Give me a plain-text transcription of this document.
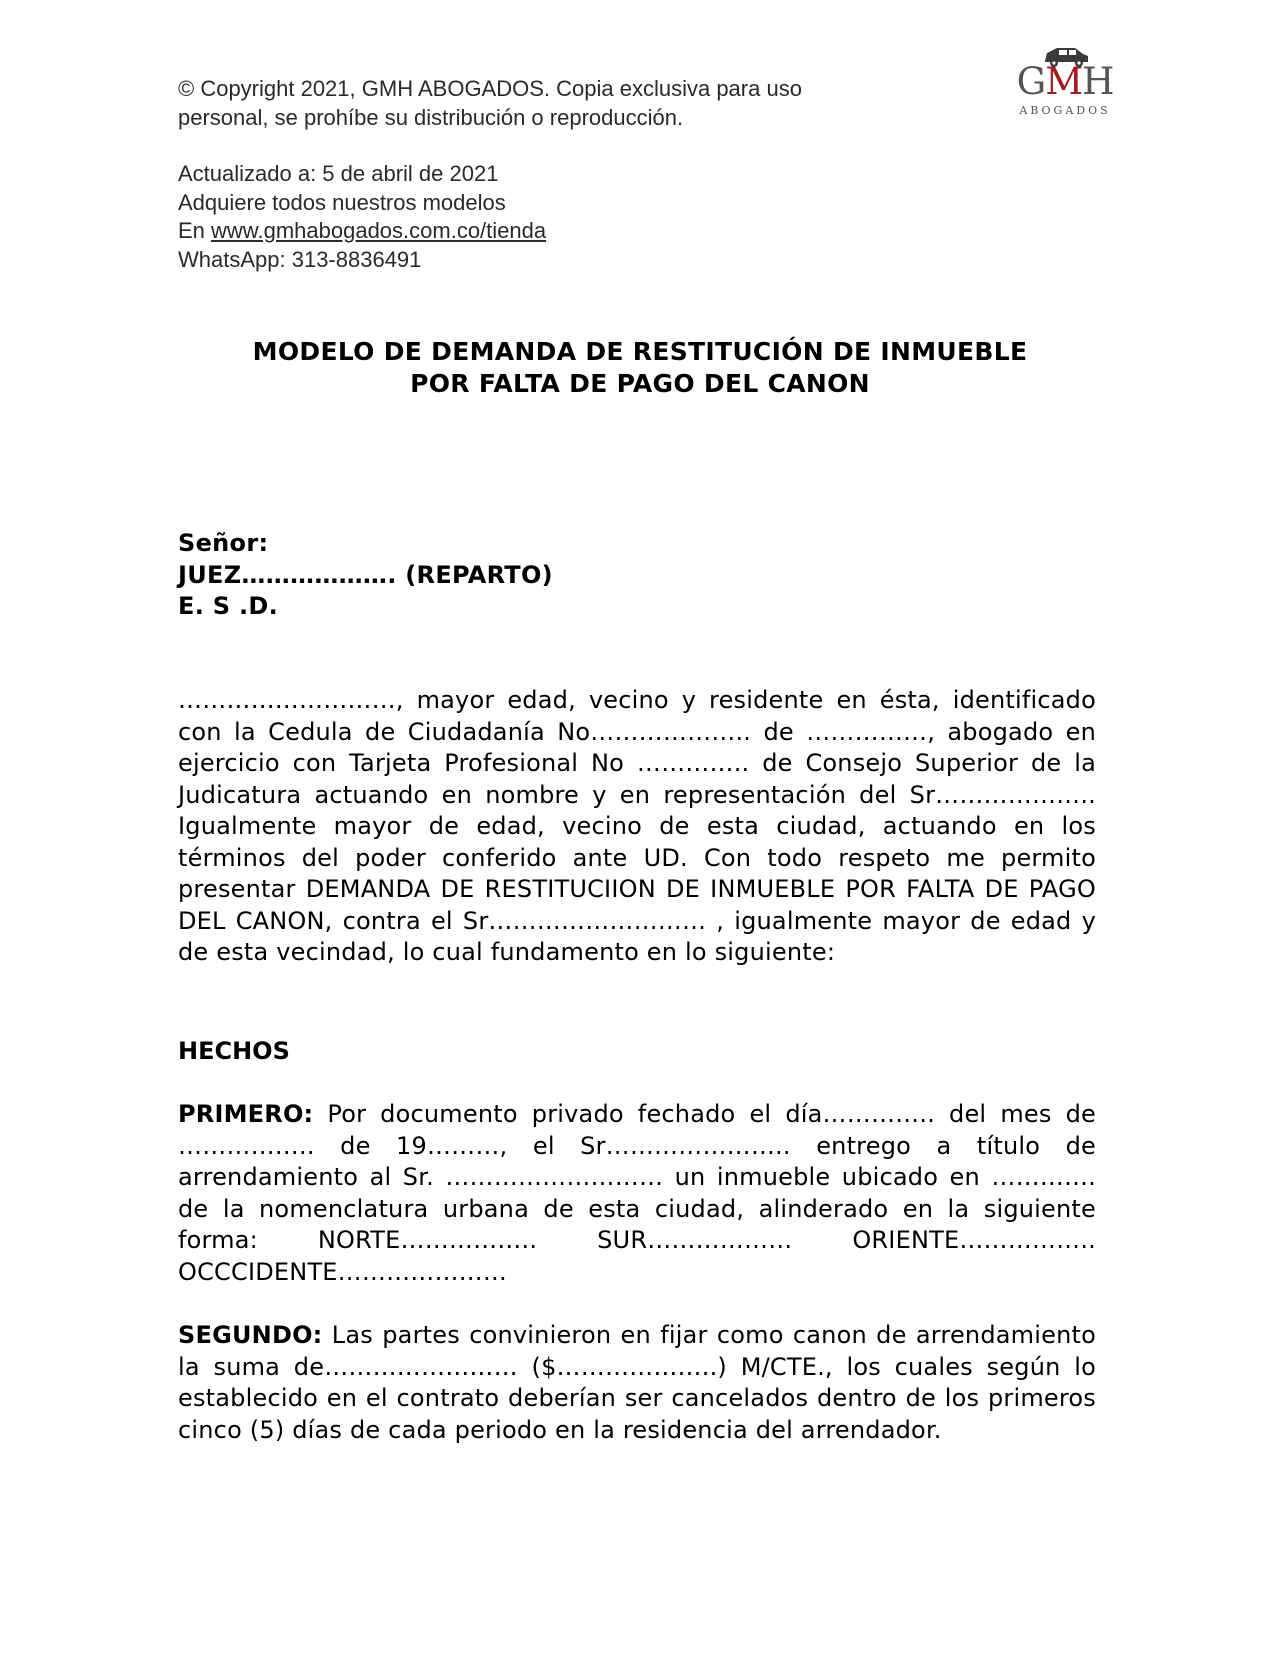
© Copyright 2021, GMH ABOGADOS. Copia exclusiva para uso
personal, se prohíbe su distribución o reproducción.
Actualizado a: 5 de abril de 2021
Adquiere todos nuestros modelos
En www.gmhabogados.com.co/tienda
WhatsApp: 313-8836491
GMH
ABOGADOS
MODELO DE DEMANDA DE RESTITUCIÓN DE INMUEBLE
POR FALTA DE PAGO DEL CANON
Señor:
JUEZ………………. (REPARTO)
E. S .D.
………………………, mayor edad, vecino y residente en ésta, identificado con la Cedula de Ciudadanía No……………….. de ……………, abogado en ejercicio con Tarjeta Profesional No ………….. de Consejo Superior de la Judicatura actuando en nombre y en representación del Sr……………….. Igualmente mayor de edad, vecino de esta ciudad, actuando en los términos del poder conferido ante UD. Con todo respeto me permito presentar DEMANDA DE RESTITUCIION DE INMUEBLE POR FALTA DE PAGO DEL CANON, contra el Sr……………………… , igualmente mayor de edad y de esta vecindad, lo cual fundamento en lo siguiente:
HECHOS
PRIMERO: Por documento privado fechado el día………….. del mes de …………….. de 19………, el Sr………………….. entrego a título de arrendamiento al Sr. ……………………… un inmueble ubicado en …………. de la nomenclatura urbana de esta ciudad, alinderado en la siguiente forma: NORTE…………….. SUR……………… ORIENTE…………….. OCCCIDENTE…………………
SEGUNDO: Las partes convinieron en fijar como canon de arrendamiento la suma de…………………… ($………………..) M/CTE., los cuales según lo establecido en el contrato deberían ser cancelados dentro de los primeros cinco (5) días de cada periodo en la residencia del arrendador.
